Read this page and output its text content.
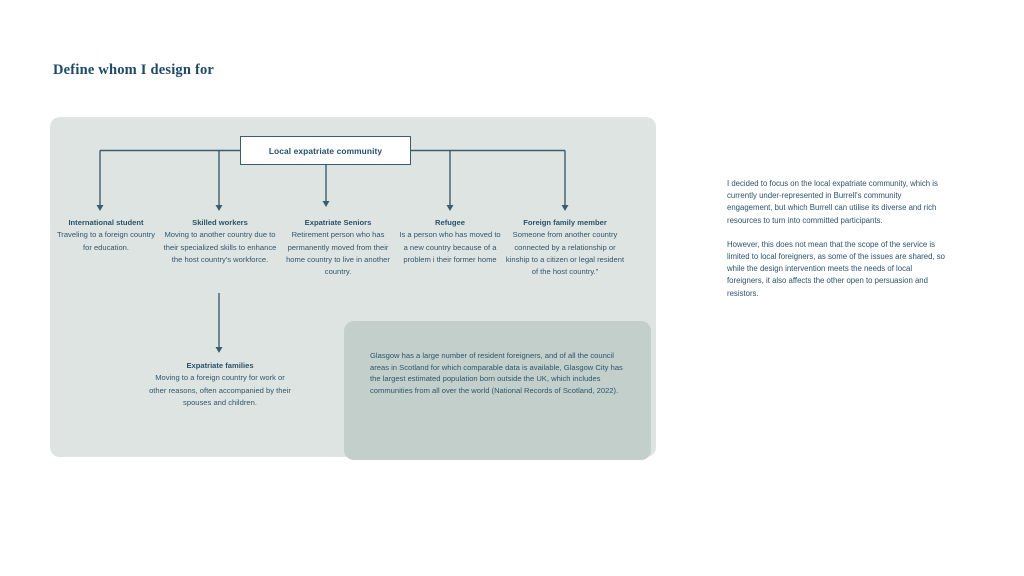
Define whom I design for
Local expatriate community
International student
Traveling to a foreign country for education.
Skilled workers
Moving to another country due to their specialized skills to enhance the host country's workforce.
Expatriate Seniors
Retirement person who has permanently moved from their home country to live in another country.
Refugee
Is a person who has moved to a new country because of a problem i their former home
Foreign family member
Someone from another country connected by a relationship or kinship to a citizen or legal resident of the host country.”
Expatriate families
Moving to a foreign country for work or other reasons, often accompanied by their spouses and children.
Glasgow has a large number of resident foreigners, and of all the council areas in Scotland for which comparable data is available, Glasgow City has the largest estimated population born outside the UK, which includes communities from all over the world (National Records of Scotland, 2022).

I decided to focus on the local expatriate community, which is currently under-represented in Burrell's community engagement, but which Burrell can utilise its diverse and rich resources to turn into committed participants.

However, this does not mean that the scope of the service is limited to local foreigners, as some of the issues are shared, so while the design intervention meets the needs of local foreigners, it also affects the other open to persuasion and resistors.
